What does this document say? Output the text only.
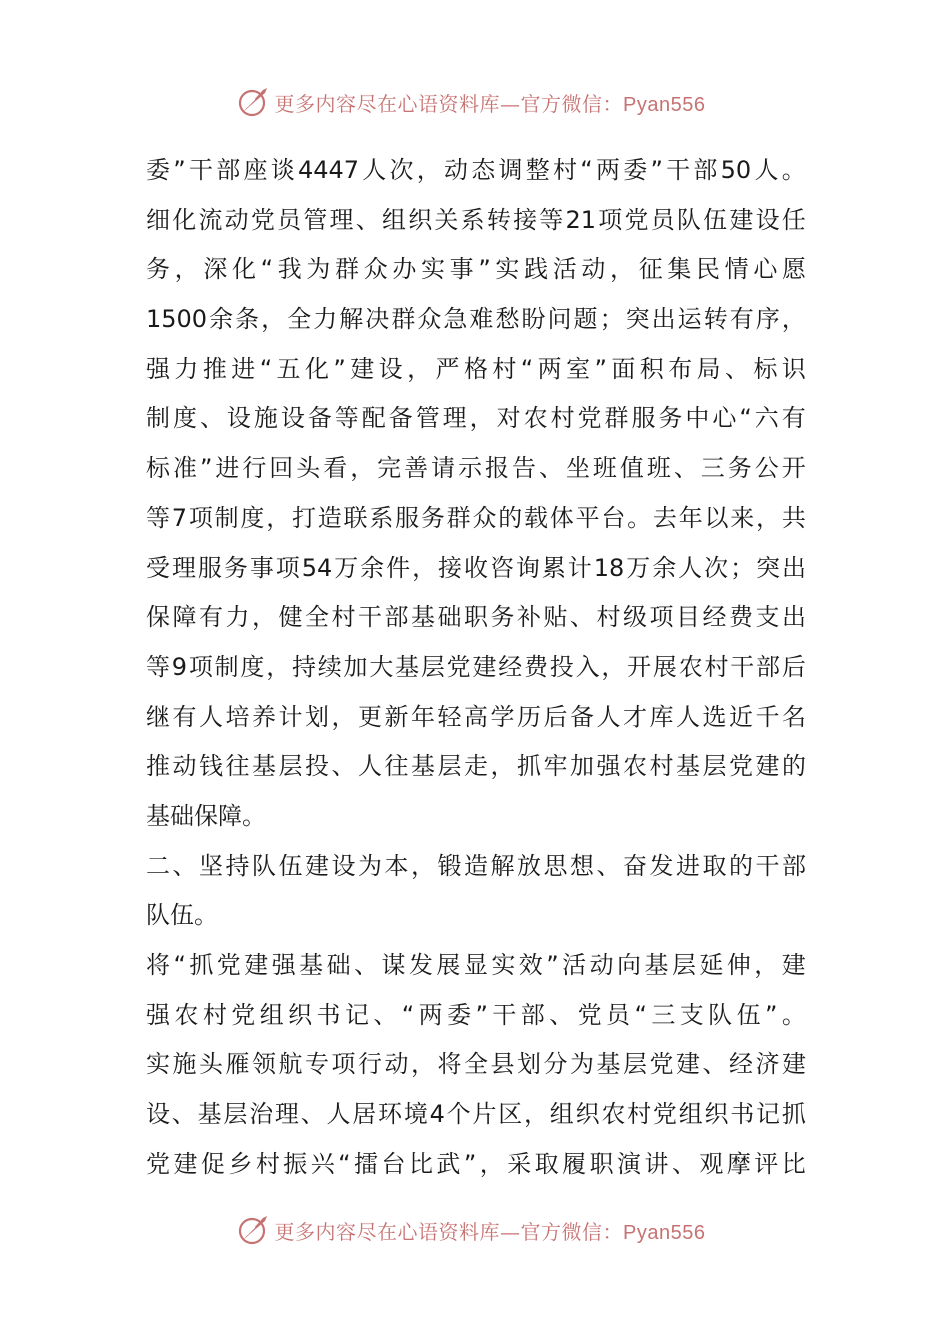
更多内容尽在心语资料库—官方微信：Pyan556
委 ” 干 部 座 谈 4447 人 次 ， 动 态 调 整 村 “ 两 委 ” 干 部 50 人 。
细 化 流 动 党 员 管 理 、 组 织 关 系 转 接 等 21 项 党 员 队 伍 建 设 任
务 ， 深 化 “ 我 为 群 众 办 实 事 ” 实 践 活 动 ， 征 集 民 情 心 愿
1500 余 条 ， 全 力 解 决 群 众 急 难 愁 盼 问 题 ； 突 出 运 转 有 序 ，
强 力 推 进 “ 五 化 ” 建 设 ， 严 格 村 “ 两 室 ” 面 积 布 局 、 标 识
制 度 、 设 施 设 备 等 配 备 管 理 ， 对 农 村 党 群 服 务 中 心 “ 六 有
标 准 ” 进 行 回 头 看 ， 完 善 请 示 报 告 、 坐 班 值 班 、 三 务 公 开
等 7 项 制 度 ， 打 造 联 系 服 务 群 众 的 载 体 平 台 。 去 年 以 来 ， 共
受 理 服 务 事 项 54 万 余 件 ， 接 收 咨 询 累 计 18 万 余 人 次 ； 突 出
保 障 有 力 ， 健 全 村 干 部 基 础 职 务 补 贴 、 村 级 项 目 经 费 支 出
等 9 项 制 度 ， 持 续 加 大 基 层 党 建 经 费 投 入 ， 开 展 农 村 干 部 后
继 有 人 培 养 计 划 ， 更 新 年 轻 高 学 历 后 备 人 才 库 人 选 近 千 名
推 动 钱 往 基 层 投 、 人 往 基 层 走 ， 抓 牢 加 强 农 村 基 层 党 建 的
基础保障。
二 、 坚 持 队 伍 建 设 为 本 ， 锻 造 解 放 思 想 、 奋 发 进 取 的 干 部
队伍。
将 “ 抓 党 建 强 基 础 、 谋 发 展 显 实 效 ” 活 动 向 基 层 延 伸 ， 建
强 农 村 党 组 织 书 记 、 “ 两 委 ” 干 部 、 党 员 “ 三 支 队 伍 ” 。
实 施 头 雁 领 航 专 项 行 动 ， 将 全 县 划 分 为 基 层 党 建 、 经 济 建
设 、 基 层 治 理 、 人 居 环 境 4 个 片 区 ， 组 织 农 村 党 组 织 书 记 抓
党 建 促 乡 村 振 兴 “ 擂 台 比 武 ” ， 采 取 履 职 演 讲 、 观 摩 评 比
更多内容尽在心语资料库—官方微信：Pyan556
